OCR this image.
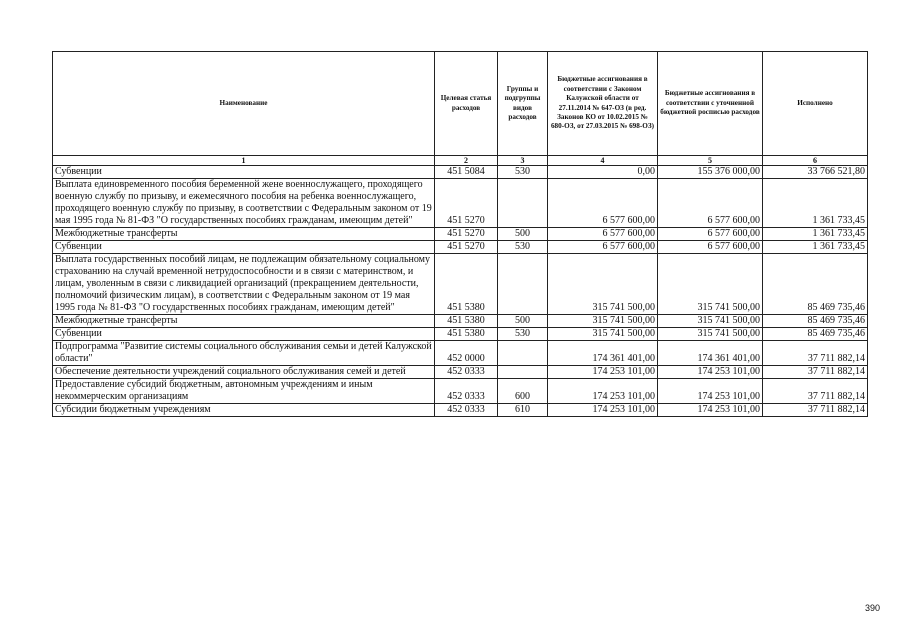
Наименование	Целевая статья расходов	Группы и подгруппы видов расходов	Бюджетные ассигнования в соответствии с Законом Калужской области от 27.11.2014 № 647-ОЗ (в ред. Законов КО от 10.02.2015 № 680-ОЗ, от 27.03.2015 № 698-ОЗ)	Бюджетные ассигнования в соответствии с уточненной бюджетной росписью расходов	Исполнено
1	2	3	4	5	6
Субвенции	451 5084	530	0,00	155 376 000,00	33 766 521,80
Выплата единовременного пособия беременной жене военнослужащего, проходящего военную службу по призыву, и ежемесячного пособия на ребенка военнослужащего, проходящего военную службу по призыву, в соответствии с Федеральным законом от 19 мая 1995 года № 81-ФЗ "О государственных пособиях гражданам, имеющим детей"	451 5270		6 577 600,00	6 577 600,00	1 361 733,45
Межбюджетные трансферты	451 5270	500	6 577 600,00	6 577 600,00	1 361 733,45
Субвенции	451 5270	530	6 577 600,00	6 577 600,00	1 361 733,45
Выплата государственных пособий лицам, не подлежащим обязательному социальному страхованию на случай временной нетрудоспособности и в связи с материнством, и лицам, уволенным в связи с ликвидацией организаций (прекращением деятельности, полномочий физическим лицам), в соответствии с Федеральным законом от 19 мая 1995 года № 81-ФЗ "О государственных пособиях гражданам, имеющим детей"	451 5380		315 741 500,00	315 741 500,00	85 469 735,46
Межбюджетные трансферты	451 5380	500	315 741 500,00	315 741 500,00	85 469 735,46
Субвенции	451 5380	530	315 741 500,00	315 741 500,00	85 469 735,46
Подпрограмма "Развитие системы социального обслуживания семьи и детей Калужской области"	452 0000		174 361 401,00	174 361 401,00	37 711 882,14
Обеспечение деятельности учреждений социального обслуживания семей и детей	452 0333		174 253 101,00	174 253 101,00	37 711 882,14
Предоставление субсидий бюджетным, автономным учреждениям и иным некоммерческим организациям	452 0333	600	174 253 101,00	174 253 101,00	37 711 882,14
Субсидии бюджетным учреждениям	452 0333	610	174 253 101,00	174 253 101,00	37 711 882,14
390
